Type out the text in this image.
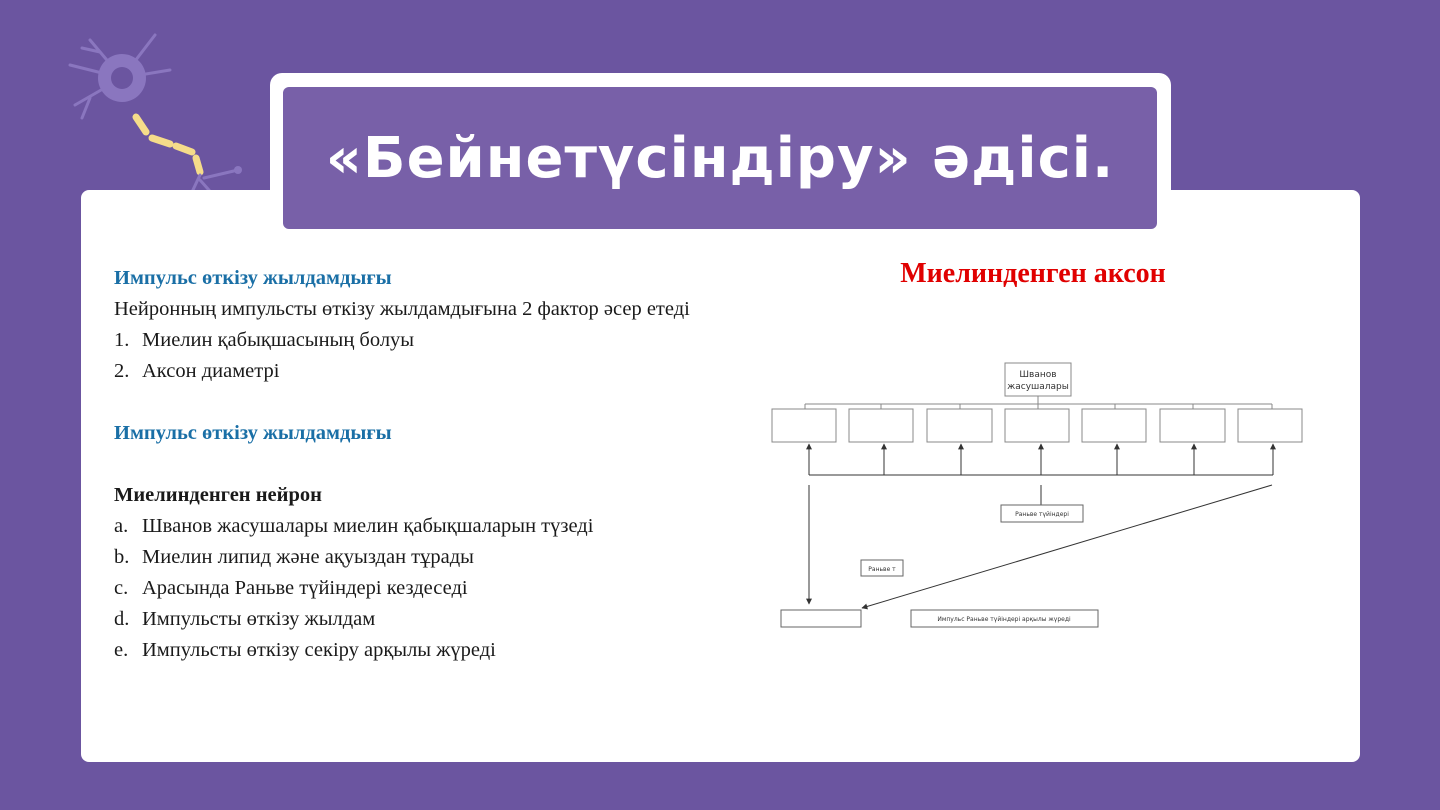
«Бейнетүсіндіру» әдісі.

Импульс өткізу жылдамдығы

Нейронның импульсты өткізу жылдамдығына 2 фактор әсер етеді

1. Миелин қабықшасының болуы
2. Аксон диаметрі

Импульс өткізу жылдамдығы

Миелинденген нейрон

a. Шванов жасушалары миелин қабықшаларын түзеді
b. Миелин липид және ақуыздан тұрады
c. Арасында Раньве түйіндері кездеседі
d. Импульсты өткізу жылдам
e. Импульсты өткізу секіру арқылы жүреді
Миелинденген аксон
Шванов
жасушалары
Раньве түйіндері
Раньве т
Импульс Раньве түйіндері арқылы жүреді
